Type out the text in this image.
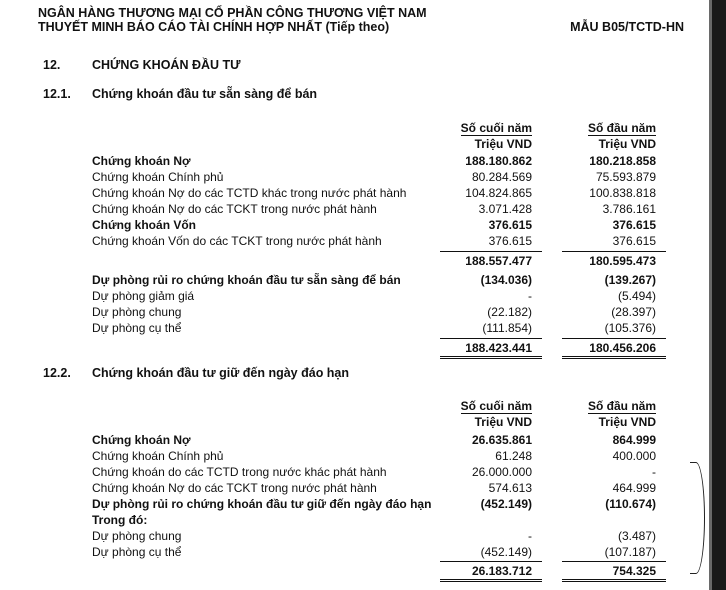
NGÂN HÀNG THƯƠNG MẠI CỔ PHẦN CÔNG THƯƠNG VIỆT NAM
THUYẾT MINH BÁO CÁO TÀI CHÍNH HỢP NHẤT (Tiếp theo)	MẪU B05/TCTD-HN
12.	CHỨNG KHOÁN ĐẦU TƯ
12.1. Chứng khoán đầu tư sẵn sàng để bán
Số cuối năm	Số đầu năm
Triệu VND	Triệu VND
Chứng khoán Nợ	188.180.862	180.218.858
Chứng khoán Chính phủ	80.284.569	75.593.879
Chứng khoán Nợ do các TCTD khác trong nước phát hành	104.824.865	100.838.818
Chứng khoán Nợ do các TCKT trong nước phát hành	3.071.428	3.786.161
Chứng khoán Vốn	376.615	376.615
Chứng khoán Vốn do các TCKT trong nước phát hành	376.615	376.615
188.557.477	180.595.473
Dự phòng rủi ro chứng khoán đầu tư sẵn sàng để bán	(134.036)	(139.267)
Dự phòng giảm giá	-	(5.494)
Dự phòng chung	(22.182)	(28.397)
Dự phòng cụ thể	(111.854)	(105.376)
188.423.441	180.456.206
12.2. Chứng khoán đầu tư giữ đến ngày đáo hạn
Số cuối năm	Số đầu năm
Triệu VND	Triệu VND
Chứng khoán Nợ	26.635.861	864.999
Chứng khoán Chính phủ	61.248	400.000
Chứng khoán do các TCTD trong nước khác phát hành	26.000.000	-
Chứng khoán Nợ do các TCKT trong nước phát hành	574.613	464.999
Dự phòng rủi ro chứng khoán đầu tư giữ đến ngày đáo hạn	(452.149)	(110.674)
Trong đó:
Dự phòng chung	-	(3.487)
Dự phòng cụ thể	(452.149)	(107.187)
26.183.712	754.325
